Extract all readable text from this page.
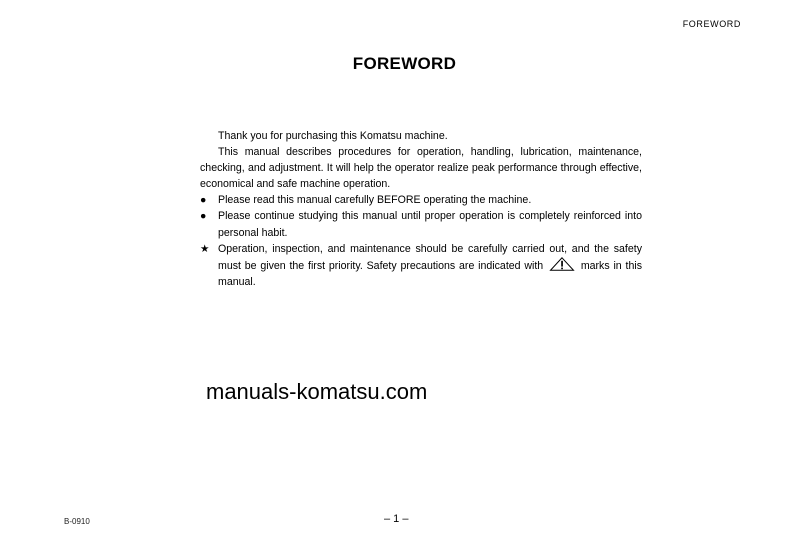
FOREWORD
FOREWORD
Thank you for purchasing this Komatsu machine.
This manual describes procedures for operation, handling, lubrication, maintenance, checking, and adjustment. It will help the operator realize peak performance through effective, economical and safe machine operation.
●	Please read this manual carefully BEFORE operating the machine.
●	Please continue studying this manual until proper operation is completely reinforced into personal habit.
★ Operation, inspection, and maintenance should be carefully carried out, and the safety must be given the first priority. Safety precautions are indicated with	marks in this manual.
manuals-komatsu.com
B-0910	– 1 –
